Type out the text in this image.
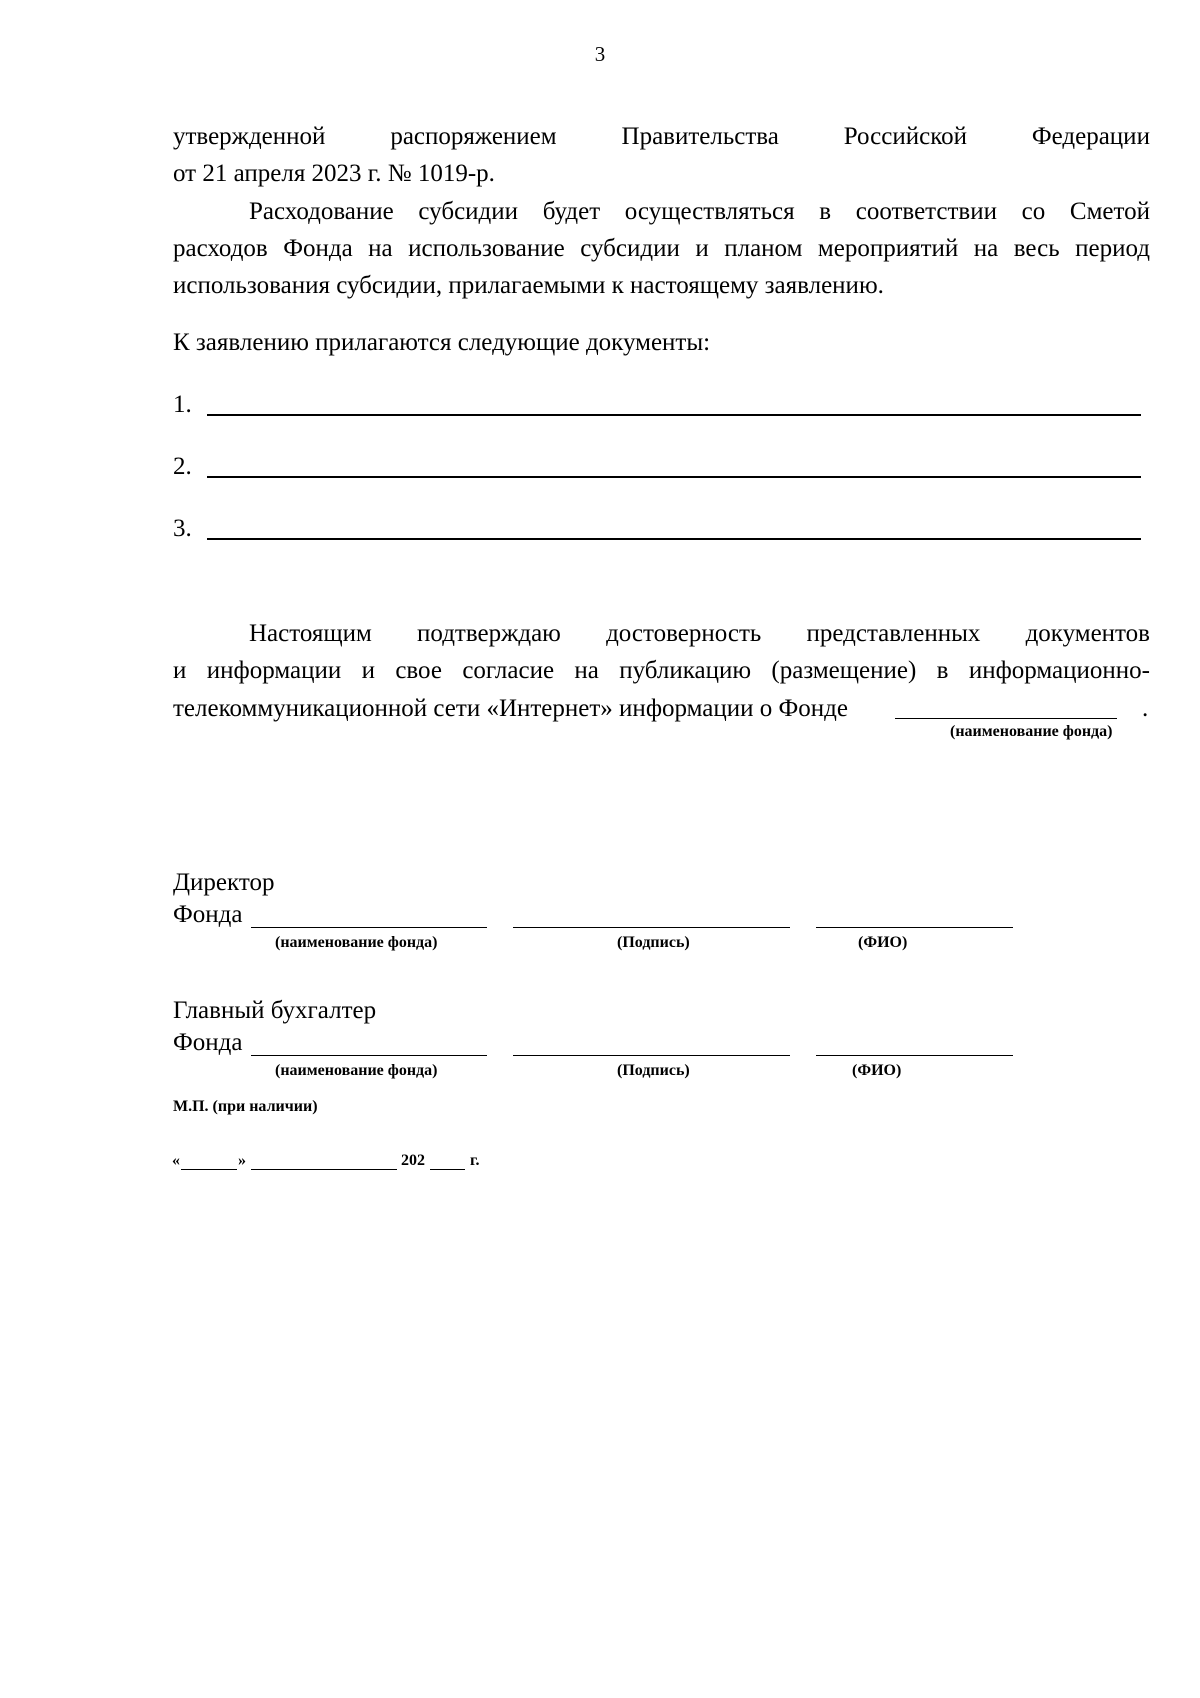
3
утвержденной	распоряжением	Правительства	Российской	Федерации
от 21 апреля 2023 г. № 1019-р.
Расходование субсидии будет осуществляться в соответствии со Сметой
расходов Фонда на использование субсидии и планом мероприятий на весь период
использования субсидии, прилагаемыми к настоящему заявлению.
К заявлению прилагаются следующие документы:
1.
2.
3.
Настоящим подтверждаю достоверность представленных документов
и информации и свое согласие на публикацию (размещение) в информационно-
телекоммуникационной сети «Интернет» информации о Фонде	.
(наименование фонда)
Директор
Фонда
(наименование фонда)	(Подпись)	(ФИО)
Главный бухгалтер
Фонда
(наименование фонда)	(Подпись)	(ФИО)
М.П. (при наличии)
«	»	202	г.
